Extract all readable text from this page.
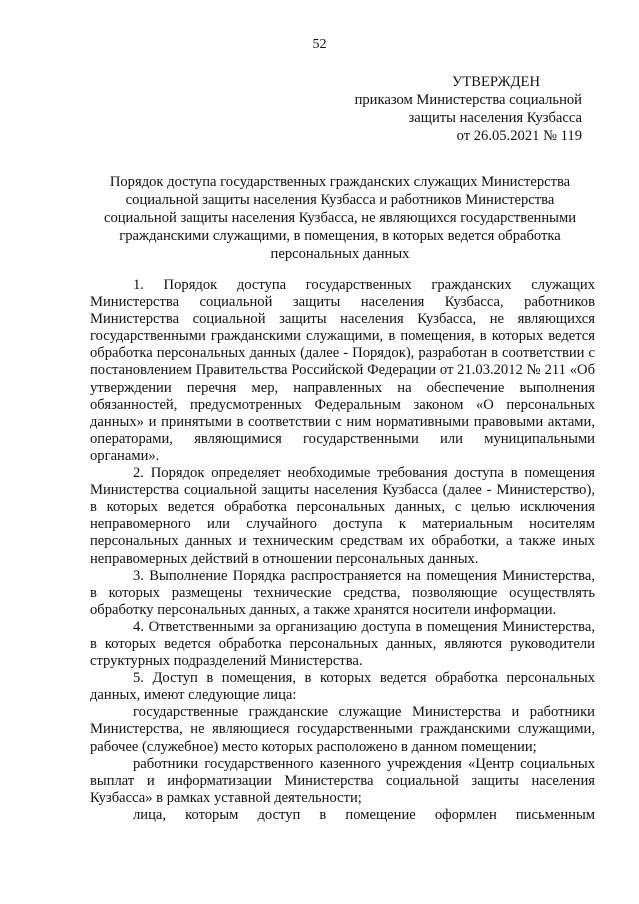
52
УТВЕРЖДЕН
приказом Министерства социальной
защиты населения Кузбасса
от 26.05.2021 № 119
Порядок доступа государственных гражданских служащих Министерства социальной защиты населения Кузбасса и работников Министерства социальной защиты населения Кузбасса, не являющихся государственными гражданскими служащими, в помещения, в которых ведется обработка персональных данных

1. Порядок доступа государственных гражданских служащих Министерства социальной защиты населения Кузбасса, работников Министерства социальной защиты населения Кузбасса, не являющихся государственными гражданскими служащими, в помещения, в которых ведется обработка персональных данных (далее - Порядок), разработан в соответствии с постановлением Правительства Российской Федерации от 21.03.2012 № 211 «Об утверждении перечня мер, направленных на обеспечение выполнения обязанностей, предусмотренных Федеральным законом «О персональных данных» и принятыми в соответствии с ним нормативными правовыми актами, операторами, являющимися государственными или муниципальными органами».

2. Порядок определяет необходимые требования доступа в помещения Министерства социальной защиты населения Кузбасса (далее - Министерство), в которых ведется обработка персональных данных, с целью исключения неправомерного или случайного доступа к материальным носителям персональных данных и техническим средствам их обработки, а также иных неправомерных действий в отношении персональных данных.

3. Выполнение Порядка распространяется на помещения Министерства, в которых размещены технические средства, позволяющие осуществлять обработку персональных данных, а также хранятся носители информации.

4. Ответственными за организацию доступа в помещения Министерства, в которых ведется обработка персональных данных, являются руководители структурных подразделений Министерства.

5. Доступ в помещения, в которых ведется обработка персональных данных, имеют следующие лица:

государственные гражданские служащие Министерства и работники Министерства, не являющиеся государственными гражданскими служащими, рабочее (служебное) место которых расположено в данном помещении;

работники государственного казенного учреждения «Центр социальных выплат и информатизации Министерства социальной защиты населения Кузбасса» в рамках уставной деятельности;

лица, которым доступ в помещение оформлен письменным
